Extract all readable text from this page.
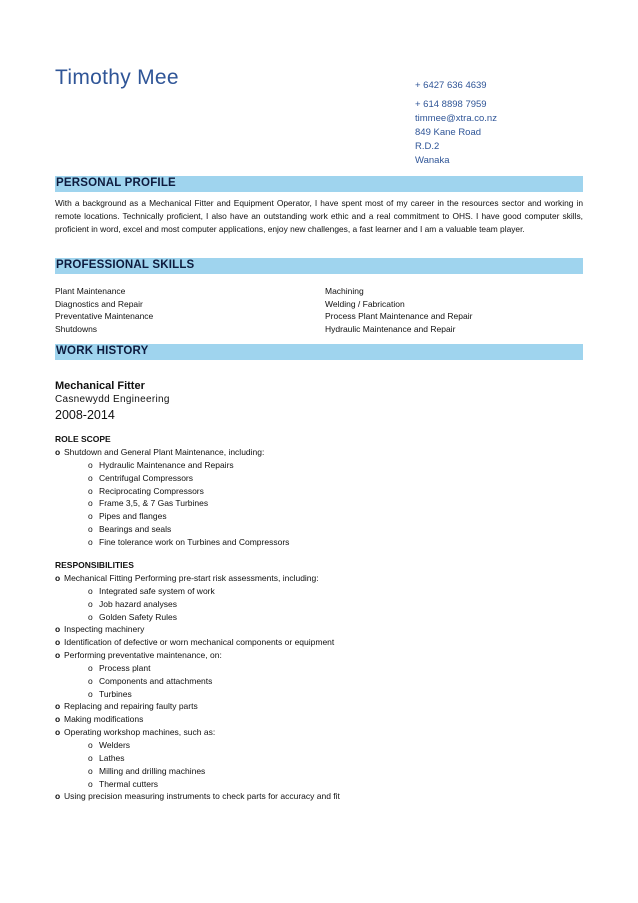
Timothy Mee	+ 6427 636 4639
+ 614 8898 7959
timmee@xtra.co.nz
849 Kane Road
R.D.2
Wanaka
PERSONAL PROFILE
With a background as a Mechanical Fitter and Equipment Operator, I have spent most of my career in the resources sector and working in remote locations. Technically proficient, I also have an outstanding work ethic and a real commitment to OHS. I have good computer skills, proficient in word, excel and most computer applications, enjoy new challenges, a fast learner and I am a valuable team player.
PROFESSIONAL SKILLS
Plant Maintenance
Diagnostics and Repair
Preventative Maintenance
Shutdowns
Machining
Welding / Fabrication
Process Plant Maintenance and Repair
Hydraulic Maintenance and Repair
WORK HISTORY
Mechanical Fitter
Casnewydd Engineering
2008-2014
ROLE SCOPE
o Shutdown and General Plant Maintenance, including:
o Hydraulic Maintenance and Repairs
o Centrifugal Compressors
o Reciprocating Compressors
o Frame 3,5, & 7 Gas Turbines
o Pipes and flanges
o Bearings and seals
o Fine tolerance work on Turbines and Compressors
RESPONSIBILITIES
o Mechanical Fitting Performing pre-start risk assessments, including:
o Integrated safe system of work
o Job hazard analyses
o Golden Safety Rules
o Inspecting machinery
o Identification of defective or worn mechanical components or equipment
o Performing preventative maintenance, on:
o Process plant
o Components and attachments
o Turbines
o Replacing and repairing faulty parts
o Making modifications
o Operating workshop machines, such as:
o Welders
o Lathes
o Milling and drilling machines
o Thermal cutters
o Using precision measuring instruments to check parts for accuracy and fit
